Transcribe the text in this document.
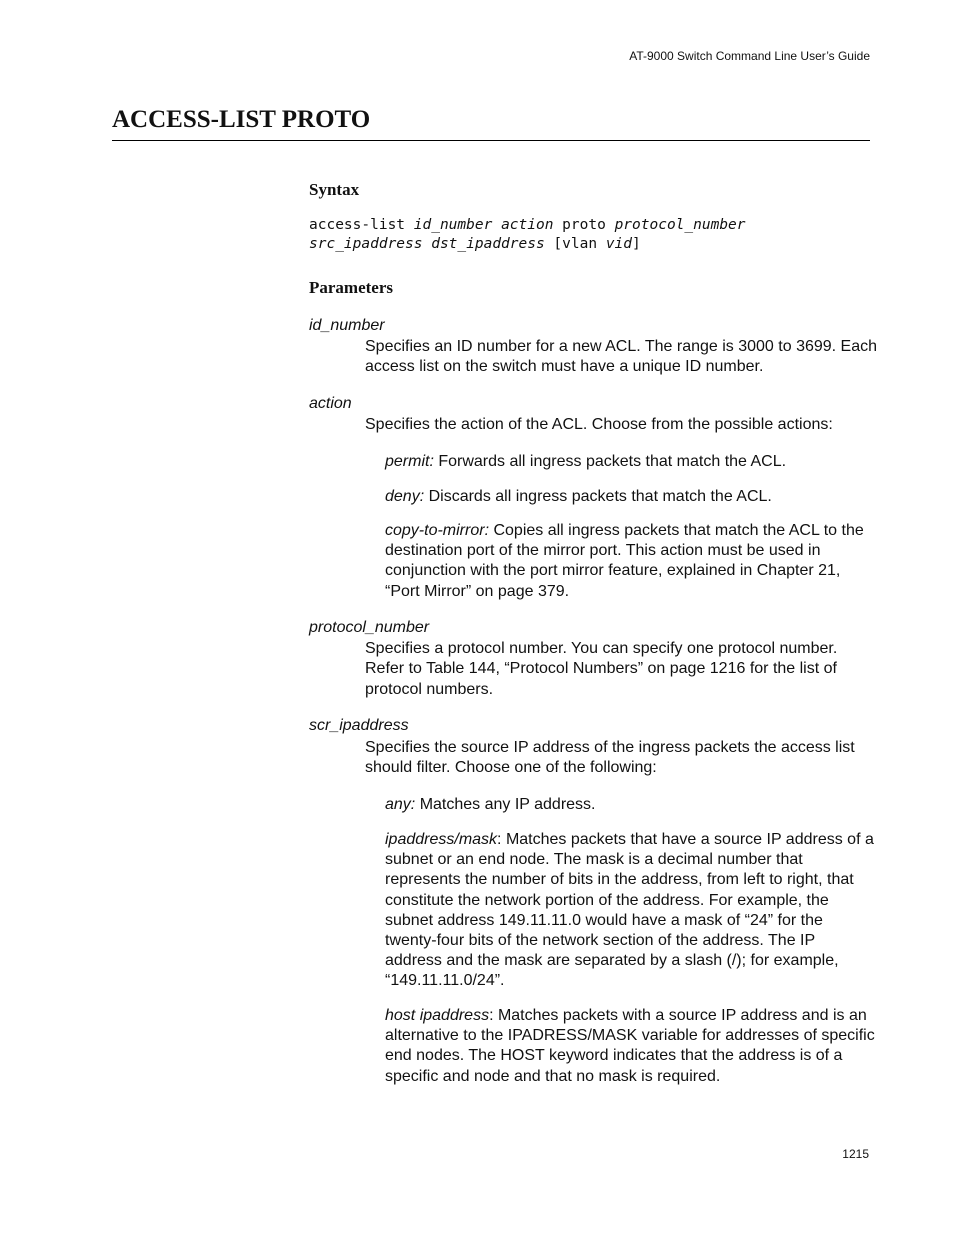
AT-9000 Switch Command Line User’s Guide
ACCESS-LIST PROTO
Syntax
access-list id_number action proto protocol_number
src_ipaddress dst_ipaddress [vlan vid]
Parameters
id_number

Specifies an ID number for a new ACL. The range is 3000 to 3699. Each access list on the switch must have a unique ID number.

action

Specifies the action of the ACL. Choose from the possible actions:

permit: Forwards all ingress packets that match the ACL.

deny: Discards all ingress packets that match the ACL.

copy-to-mirror: Copies all ingress packets that match the ACL to the destination port of the mirror port. This action must be used in conjunction with the port mirror feature, explained in Chapter 21, “Port Mirror” on page 379.

protocol_number

Specifies a protocol number. You can specify one protocol number. Refer to Table 144, “Protocol Numbers” on page 1216 for the list of protocol numbers.

scr_ipaddress

Specifies the source IP address of the ingress packets the access list should filter. Choose one of the following:

any: Matches any IP address.

ipaddress/mask: Matches packets that have a source IP address of a subnet or an end node. The mask is a decimal number that represents the number of bits in the address, from left to right, that constitute the network portion of the address. For example, the subnet address 149.11.11.0 would have a mask of “24” for the twenty-four bits of the network section of the address. The IP address and the mask are separated by a slash (/); for example, “149.11.11.0/24”.

host ipaddress: Matches packets with a source IP address and is an alternative to the IPADRESS/MASK variable for addresses of specific end nodes. The HOST keyword indicates that the address is of a specific and node and that no mask is required.

1215
